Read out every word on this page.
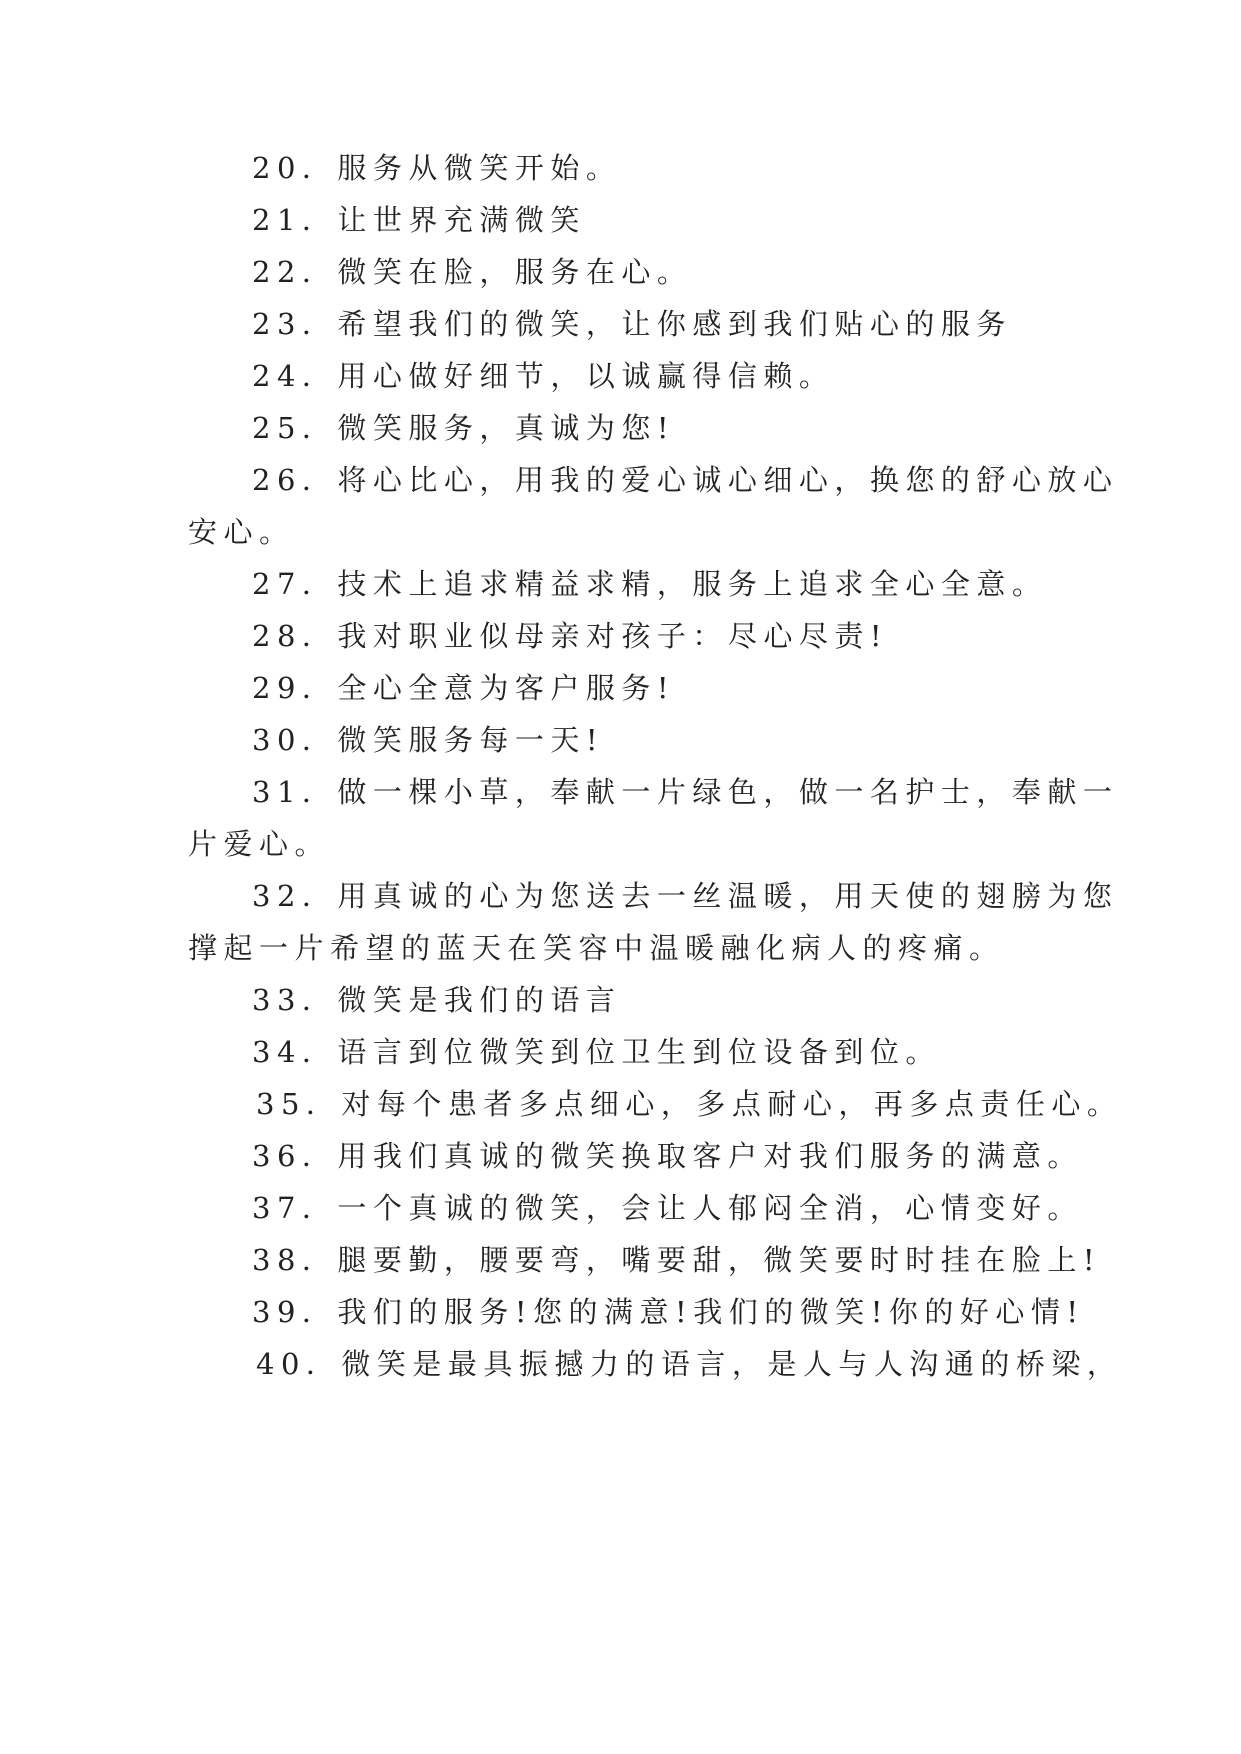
20．服务从微笑开始。
21．让世界充满微笑
22．微笑在脸，服务在心。
23．希望我们的微笑，让你感到我们贴心的服务
24．用心做好细节，以诚赢得信赖。
25．微笑服务，真诚为您!
26．将心比心，用我的爱心诚心细心，换您的舒心放心
安心。
27．技术上追求精益求精，服务上追求全心全意。
28．我对职业似母亲对孩子：尽心尽责!
29．全心全意为客户服务!
30．微笑服务每一天!
31．做一棵小草，奉献一片绿色，做一名护士，奉献一
片爱心。
32．用真诚的心为您送去一丝温暖，用天使的翅膀为您
撑起一片希望的蓝天在笑容中温暖融化病人的疼痛。
33．微笑是我们的语言
34．语言到位微笑到位卫生到位设备到位。
35．对每个患者多点细心，多点耐心，再多点责任心。
36．用我们真诚的微笑换取客户对我们服务的满意。
37．一个真诚的微笑，会让人郁闷全消，心情变好。
38．腿要勤，腰要弯，嘴要甜，微笑要时时挂在脸上!
39．我们的服务!您的满意!我们的微笑!你的好心情!
40．微笑是最具振撼力的语言，是人与人沟通的桥梁，
